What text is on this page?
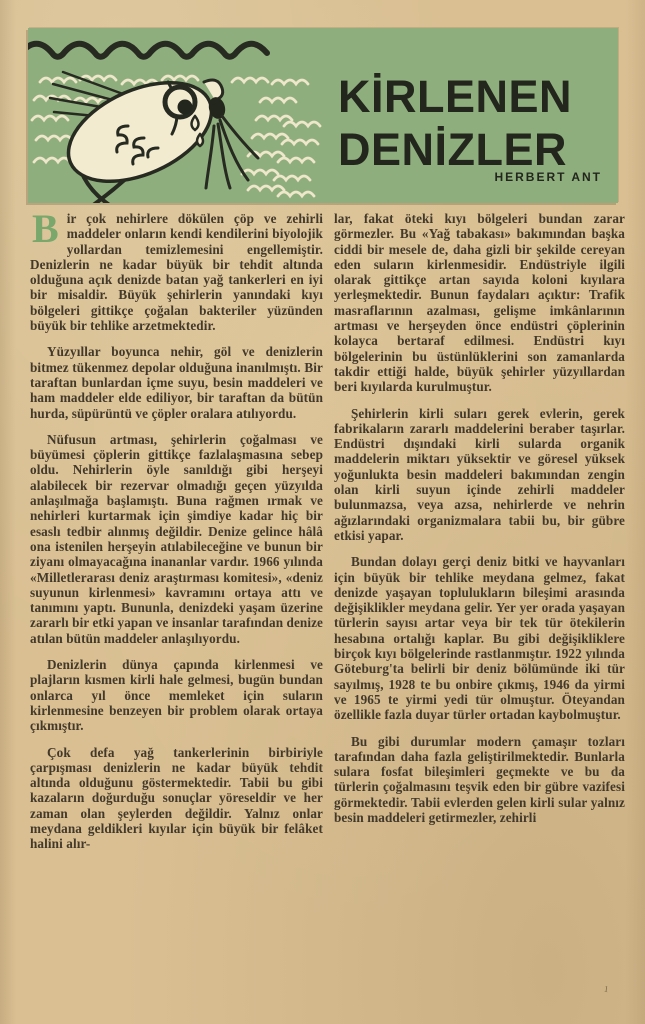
KİRLENEN
DENİZLER
HERBERT ANT

Bir çok nehirlere dökülen çöp ve zehirli maddeler onların kendi kendilerini biyolojik yollardan temizlemesini engellemiştir. Denizlerin ne kadar büyük bir tehdit altında olduğuna açık denizde batan yağ tankerleri en iyi bir misaldir. Büyük şehirlerin yanındaki kıyı bölgeleri gittikçe çoğalan bakteriler yüzünden büyük bir tehlike arzetmektedir.

Yüzyıllar boyunca nehir, göl ve denizlerin bitmez tükenmez depolar olduğuna inanılmıştı. Bir taraftan bunlardan içme suyu, besin maddeleri ve ham maddeler elde ediliyor, bir taraftan da bütün hurda, süpürüntü ve çöpler oralara atılıyordu.

Nüfusun artması, şehirlerin çoğalması ve büyümesi çöplerin gittikçe fazlalaşmasına sebep oldu. Nehirlerin öyle sanıldığı gibi herşeyi alabilecek bir rezervar olmadığı geçen yüzyılda anlaşılmağa başlamıştı. Buna rağmen ırmak ve nehirleri kurtarmak için şimdiye kadar hiç bir esaslı tedbir alınmış değildir. Denize gelince hâlâ ona istenilen herşeyin atılabileceğine ve bunun bir ziyanı olmayacağına inananlar vardır. 1966 yılında «Milletlerarası deniz araştırması komitesi», «deniz suyunun kirlenmesi» kavramını ortaya attı ve tanımını yaptı. Bununla, denizdeki yaşam üzerine zararlı bir etki yapan ve insanlar tarafından denize atılan bütün maddeler anlaşılıyordu.

Denizlerin dünya çapında kirlenmesi ve plajların kısmen kirli hale gelmesi, bugün bundan onlarca yıl önce memleket için suların kirlenmesine benzeyen bir problem olarak ortaya çıkmıştır.

Çok defa yağ tankerlerinin birbiriyle çarpışması denizlerin ne kadar büyük tehdit altında olduğunu göstermektedir. Tabii bu gibi kazaların doğurduğu sonuçlar yöreseldir ve her zaman olan şeylerden değildir. Yalnız onlar meydana geldikleri kıyılar için büyük bir felâket halini alır-

lar, fakat öteki kıyı bölgeleri bundan zarar görmezler. Bu «Yağ tabakası» bakımından başka ciddi bir mesele de, daha gizli bir şekilde cereyan eden suların kirlenmesidir. Endüstriyle ilgili olarak gittikçe artan sayıda koloni kıyılara yerleşmektedir. Bunun faydaları açıktır: Trafik masraflarının azalması, gelişme imkânlarının artması ve herşeyden önce endüstri çöplerinin kolayca bertaraf edilmesi. Endüstri kıyı bölgelerinin bu üstünlüklerini son zamanlarda takdir ettiği halde, büyük şehirler yüzyıllardan beri kıyılarda kurulmuştur.

Şehirlerin kirli suları gerek evlerin, gerek fabrikaların zararlı maddelerini beraber taşırlar. Endüstri dışındaki kirli sularda organik maddelerin miktarı yüksektir ve göresel yüksek yoğunlukta besin maddeleri bakımından zengin olan kirli suyun içinde zehirli maddeler bulunmazsa, veya azsa, nehirlerde ve nehrin ağızlarındaki organizmalara tabii bu, bir gübre etkisi yapar.

Bundan dolayı gerçi deniz bitki ve hayvanları için büyük bir tehlike meydana gelmez, fakat denizde yaşayan toplulukların bileşimi arasında değişiklikler meydana gelir. Yer yer orada yaşayan türlerin sayısı artar veya bir tek tür ötekilerin hesabına ortalığı kaplar. Bu gibi değişikliklere birçok kıyı bölgelerinde rastlanmıştır. 1922 yılında Göteburg'ta belirli bir deniz bölümünde iki tür sayılmış, 1928 te bu onbire çıkmış, 1946 da yirmi ve 1965 te yirmi yedi tür olmuştur. Öteyandan özellikle fazla duyar türler ortadan kaybolmuştur.

Bu gibi durumlar modern çamaşır tozları tarafından daha fazla geliştirilmektedir. Bunlarla sulara fosfat bileşimleri geçmekte ve bu da türlerin çoğalmasını teşvik eden bir gübre vazifesi görmektedir. Tabii evlerden gelen kirli sular yalnız besin maddeleri getirmezler, zehirli

1
